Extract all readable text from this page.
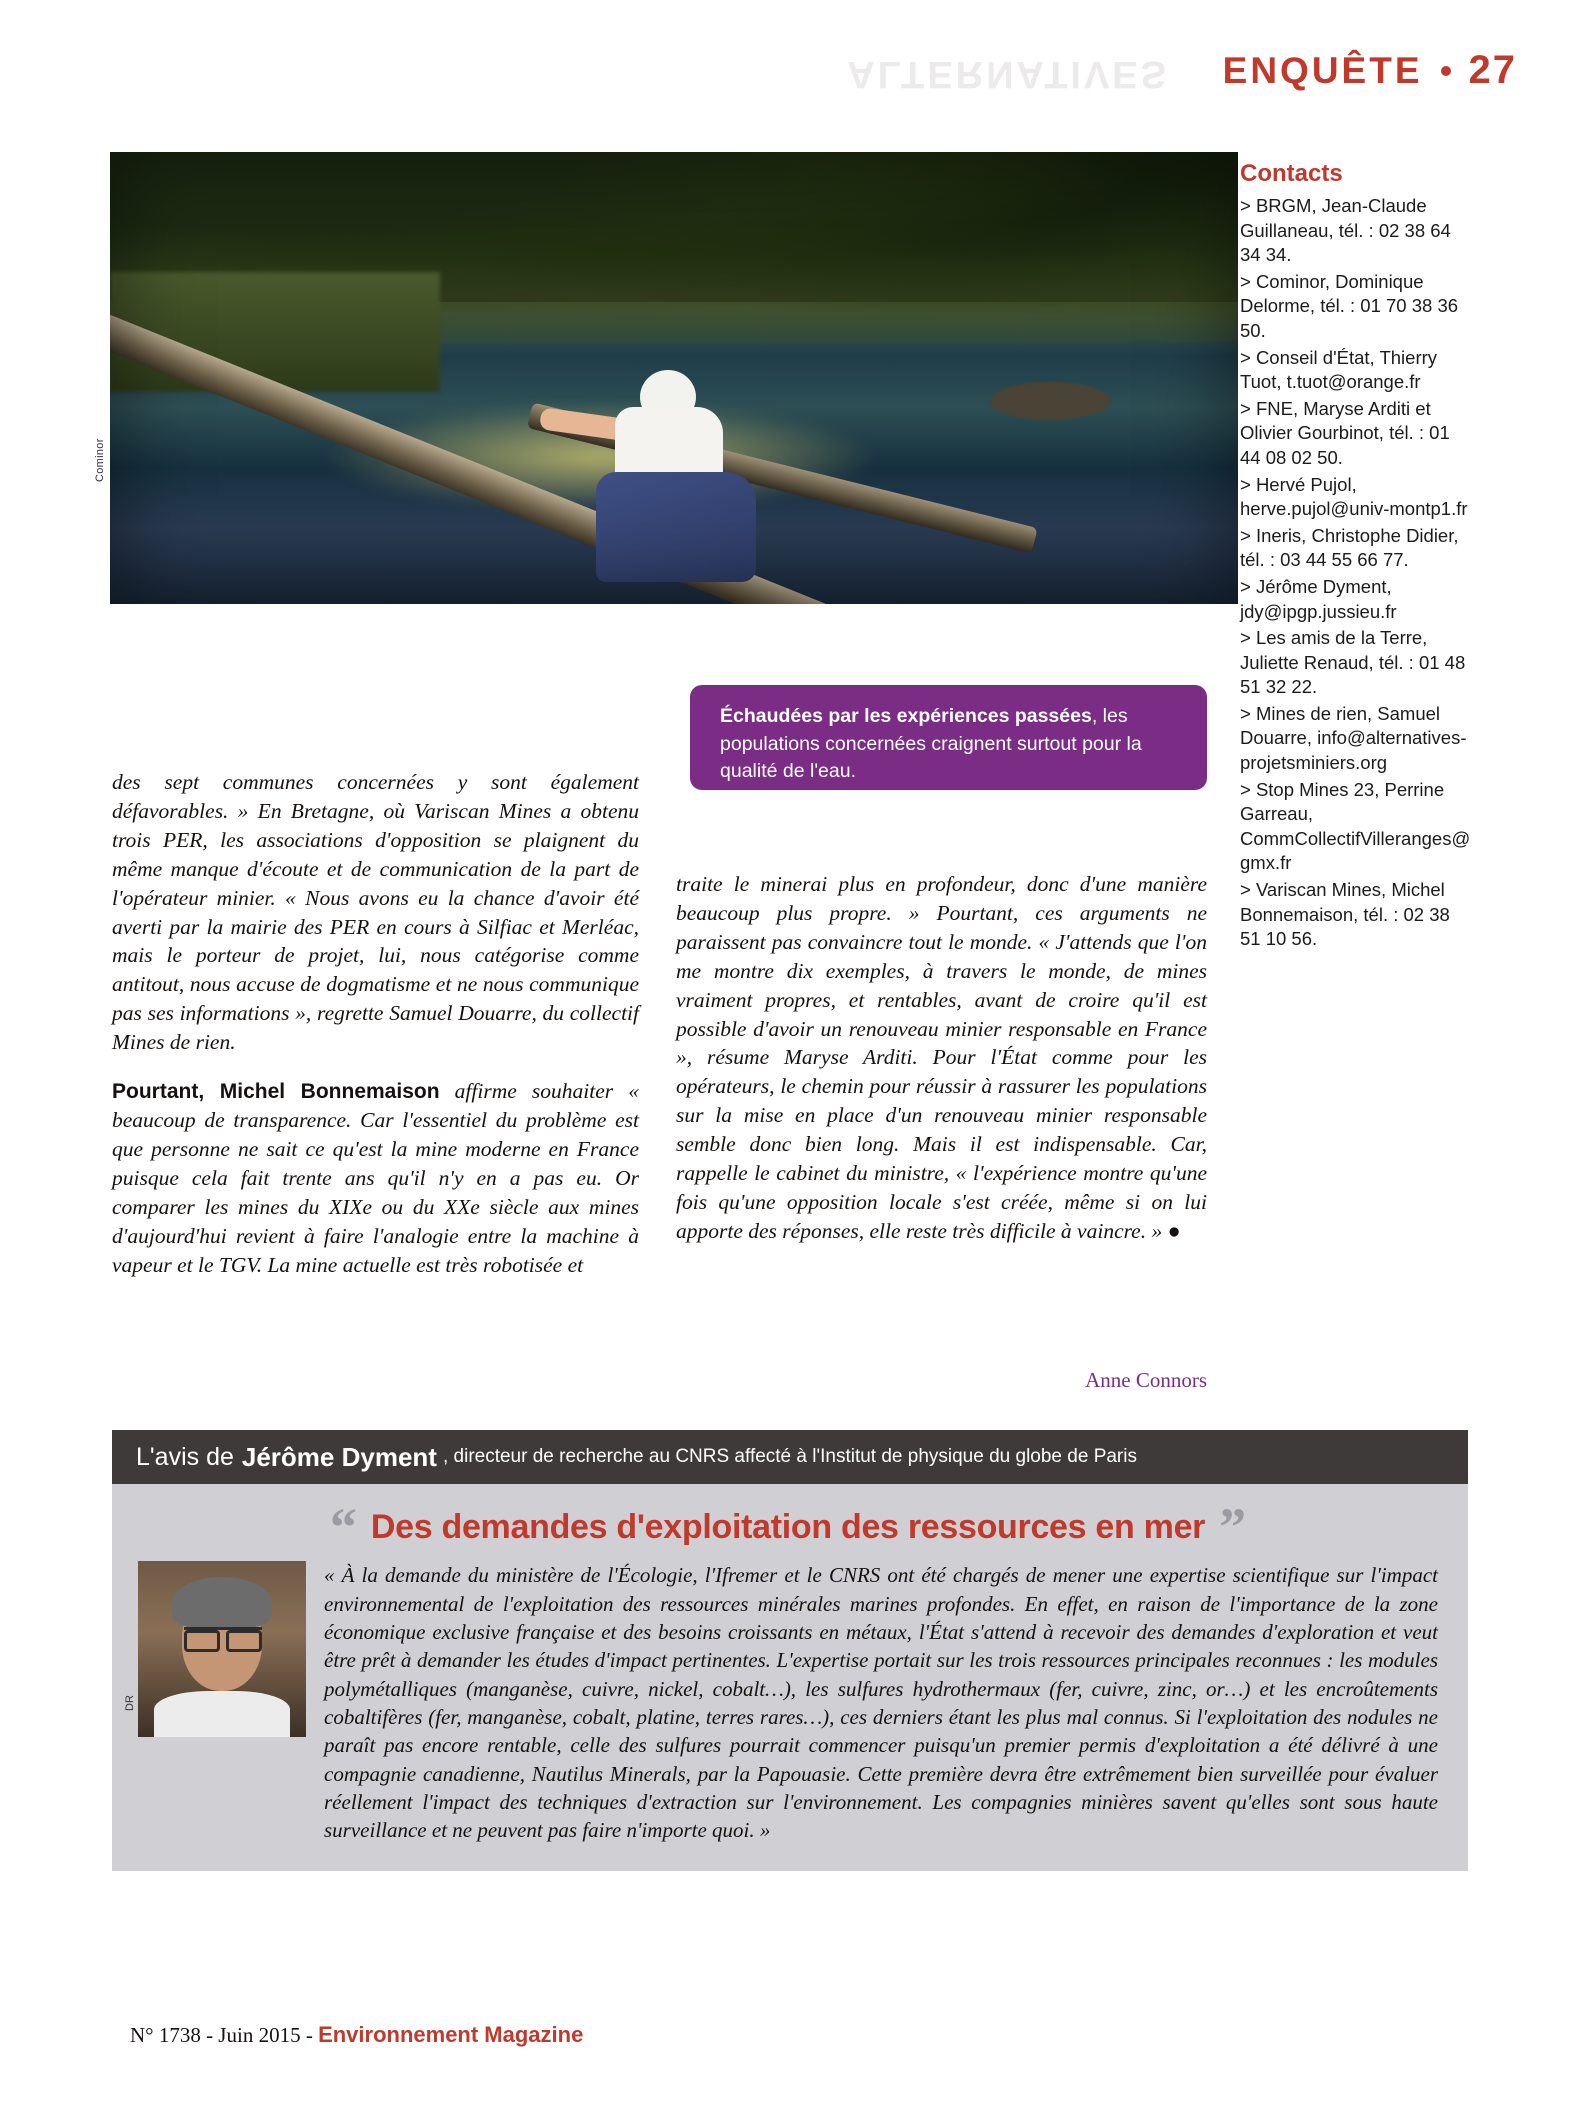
ALTERNATIVES ENQUÊTE 27
Cominor
Échaudées par les expériences passées, les populations concernées craignent surtout pour la qualité de l'eau.

des sept communes concernées y sont également défavorables. » En Bretagne, où Variscan Mines a obtenu trois PER, les associations d'opposition se plaignent du même manque d'écoute et de communication de la part de l'opérateur minier. « Nous avons eu la chance d'avoir été averti par la mairie des PER en cours à Silfiac et Merléac, mais le porteur de projet, lui, nous catégorise comme antitout, nous accuse de dogmatisme et ne nous communique pas ses informations », regrette Samuel Douarre, du collectif Mines de rien.

Pourtant, Michel Bonnemaison affirme souhaiter « beaucoup de transparence. Car l'essentiel du problème est que personne ne sait ce qu'est la mine moderne en France puisque cela fait trente ans qu'il n'y en a pas eu. Or comparer les mines du XIXe ou du XXe siècle aux mines d'aujourd'hui revient à faire l'analogie entre la machine à vapeur et le TGV. La mine actuelle est très robotisée et

traite le minerai plus en profondeur, donc d'une manière beaucoup plus propre. » Pourtant, ces arguments ne paraissent pas convaincre tout le monde. « J'attends que l'on me montre dix exemples, à travers le monde, de mines vraiment propres, et rentables, avant de croire qu'il est possible d'avoir un renouveau minier responsable en France », résume Maryse Arditi. Pour l'État comme pour les opérateurs, le chemin pour réussir à rassurer les populations sur la mise en place d'un renouveau minier responsable semble donc bien long. Mais il est indispensable. Car, rappelle le cabinet du ministre, « l'expérience montre qu'une fois qu'une opposition locale s'est créée, même si on lui apporte des réponses, elle reste très difficile à vaincre. » ●

Anne Connors
Contacts
> BRGM, Jean-Claude Guillaneau, tél. : 02 38 64 34 34.
> Cominor, Dominique Delorme, tél. : 01 70 38 36 50.
> Conseil d'État, Thierry Tuot, t.tuot@orange.fr
> FNE, Maryse Arditi et Olivier Gourbinot, tél. : 01 44 08 02 50.
> Hervé Pujol, herve.pujol@univ-montp1.fr
> Ineris, Christophe Didier, tél. : 03 44 55 66 77.
> Jérôme Dyment, jdy@ipgp.jussieu.fr
> Les amis de la Terre, Juliette Renaud, tél. : 01 48 51 32 22.
> Mines de rien, Samuel Douarre, info@alternatives-projetsminiers.org
> Stop Mines 23, Perrine Garreau, CommCollectifVilleranges@gmx.fr
> Variscan Mines, Michel Bonnemaison, tél. : 02 38 51 10 56.
L'avis de Jérôme Dyment , directeur de recherche au CNRS affecté à l'Institut de physique du globe de Paris
“ Des demandes d'exploitation des ressources en mer ”
DR
« À la demande du ministère de l'Écologie, l'Ifremer et le CNRS ont été chargés de mener une expertise scientifique sur l'impact environnemental de l'exploitation des ressources minérales marines profondes. En effet, en raison de l'importance de la zone économique exclusive française et des besoins croissants en métaux, l'État s'attend à recevoir des demandes d'exploration et veut être prêt à demander les études d'impact pertinentes. L'expertise portait sur les trois ressources principales reconnues : les modules polymétalliques (manganèse, cuivre, nickel, cobalt…), les sulfures hydrothermaux (fer, cuivre, zinc, or…) et les encroûtements cobaltifères (fer, manganèse, cobalt, platine, terres rares…), ces derniers étant les plus mal connus. Si l'exploitation des nodules ne paraît pas encore rentable, celle des sulfures pourrait commencer puisqu'un premier permis d'exploitation a été délivré à une compagnie canadienne, Nautilus Minerals, par la Papouasie. Cette première devra être extrêmement bien surveillée pour évaluer réellement l'impact des techniques d'extraction sur l'environnement. Les compagnies minières savent qu'elles sont sous haute surveillance et ne peuvent pas faire n'importe quoi. »
N° 1738 - Juin 2015 - Environnement Magazine
